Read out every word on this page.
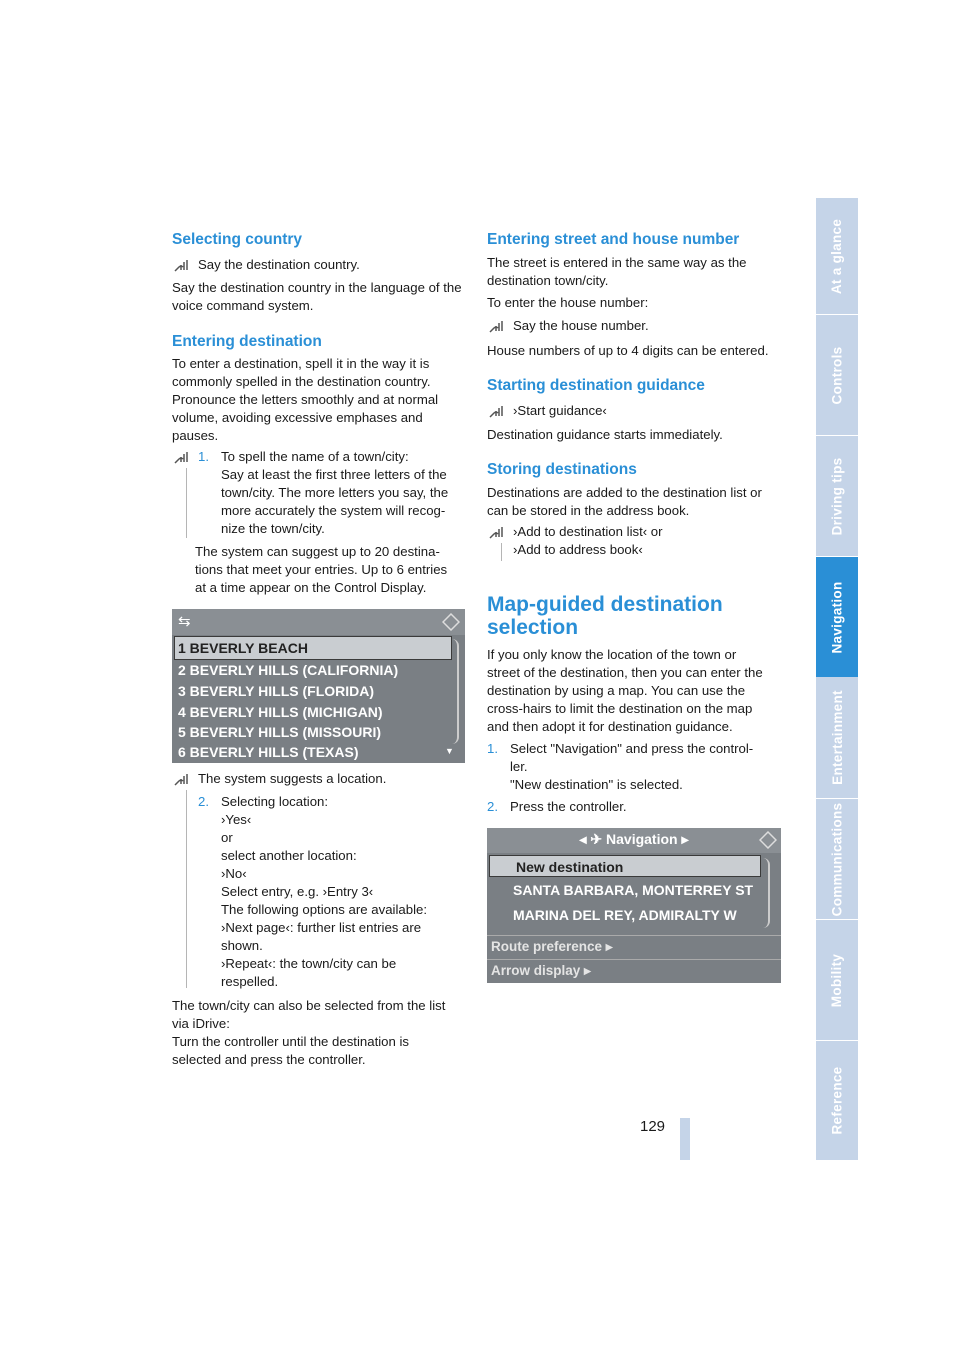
At a glance
Controls
Driving tips
Navigation
Entertainment
Communications
Mobility
Reference
Selecting country

Say the destination country.

Say the destination country in the language of the voice command system.

Entering destination

To enter a destination, spell it in the way it is

commonly spelled in the destination country.

Pronounce the letters smoothly and at normal

volume, avoiding excessive emphases and

pauses.

1. To spell the name of a town/city:

Say at least the first three letters of the

town/city. The more letters you say, the

more accurately the system will recog-

nize the town/city.

The system can suggest up to 20 destina-

tions that meet your entries. Up to 6 entries

at a time appear on the Control Display.

⇆
1 BEVERLY BEACH
2 BEVERLY HILLS (CALIFORNIA)
3 BEVERLY HILLS (FLORIDA)
4 BEVERLY HILLS (MICHIGAN)
5 BEVERLY HILLS (MISSOURI)
6 BEVERLY HILLS (TEXAS)	▼

The system suggests a location.

2. Selecting location:

›Yes‹

or

select another location:

›No‹

Select entry, e.g. ›Entry 3‹

The following options are available:

›Next page‹: further list entries are

shown.

›Repeat‹: the town/city can be

respelled.

The town/city can also be selected from the list

via iDrive:

Turn the controller until the destination is

selected and press the controller.

Entering street and house number

The street is entered in the same way as the

destination town/city.

To enter the house number:

Say the house number.

House numbers of up to 4 digits can be entered.

Starting destination guidance

›Start guidance‹

Destination guidance starts immediately.

Storing destinations

Destinations are added to the destination list or

can be stored in the address book.

›Add to destination list‹ or

›Add to address book‹

Map-guided destination

selection

If you only know the location of the town or

street of the destination, then you can enter the

destination by using a map. You can use the

cross-hairs to limit the destination on the map

and then adopt it for destination guidance.

1. Select "Navigation" and press the control-

ler.

"New destination" is selected.

2. Press the controller.

◂ ✈ Navigation ▸
New destination
SANTA BARBARA, MONTERREY ST
MARINA DEL REY, ADMIRALTY W
Route preference ▸
Arrow display ▸
129
